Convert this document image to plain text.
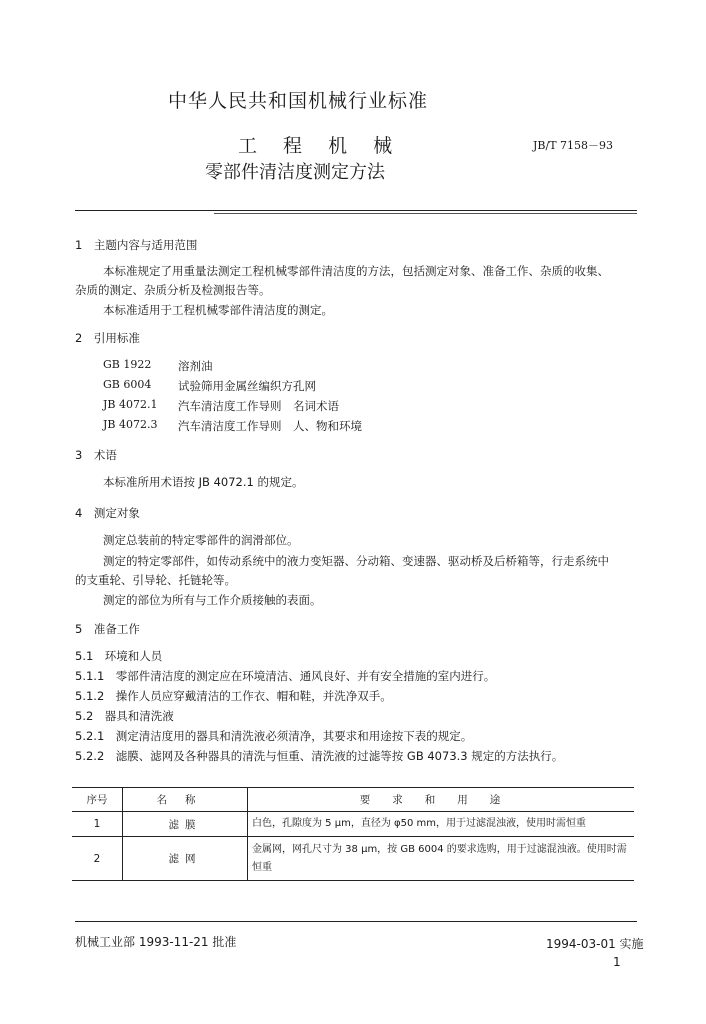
中华人民共和国机械行业标准
工 程 机 械
零部件清洁度测定方法
JB/T 7158－93
1　主题内容与适用范围
本标准规定了用重量法测定工程机械零部件清洁度的方法，包括测定对象、准备工作、杂质的收集、
杂质的测定、杂质分析及检测报告等。
本标准适用于工程机械零部件清洁度的测定。
2　引用标准
GB 1922 溶剂油
GB 6004 试验筛用金属丝编织方孔网
JB 4072.1 汽车清洁度工作导则　名词术语
JB 4072.3 汽车清洁度工作导则　人、物和环境
3　术语
本标准所用术语按 JB 4072.1 的规定。
4　测定对象
测定总装前的特定零部件的润滑部位。
测定的特定零部件，如传动系统中的液力变矩器、分动箱、变速器、驱动桥及后桥箱等，行走系统中
的支重轮、引导轮、托链轮等。
测定的部位为所有与工作介质接触的表面。
5　准备工作
5.1　环境和人员
5.1.1　零部件清洁度的测定应在环境清洁、通风良好、并有安全措施的室内进行。
5.1.2　操作人员应穿戴清洁的工作衣、帽和鞋，并洗净双手。
5.2　器具和清洗液
5.2.1　测定清洁度用的器具和清洗液必须清净，其要求和用途按下表的规定。
5.2.2　滤膜、滤网及各种器具的清洗与恒重、清洗液的过滤等按 GB 4073.3 规定的方法执行。
序号	名称	要求和用途
1	滤膜	白色，孔隙度为 5 μm，直径为 φ50 mm，用于过滤混浊液，使用时需恒重
2	滤网	金属网，网孔尺寸为 38 μm，按 GB 6004 的要求选购，用于过滤混浊液。使用时需恒重
机械工业部 1993-11-21 批准	1994-03-01 实施
1
